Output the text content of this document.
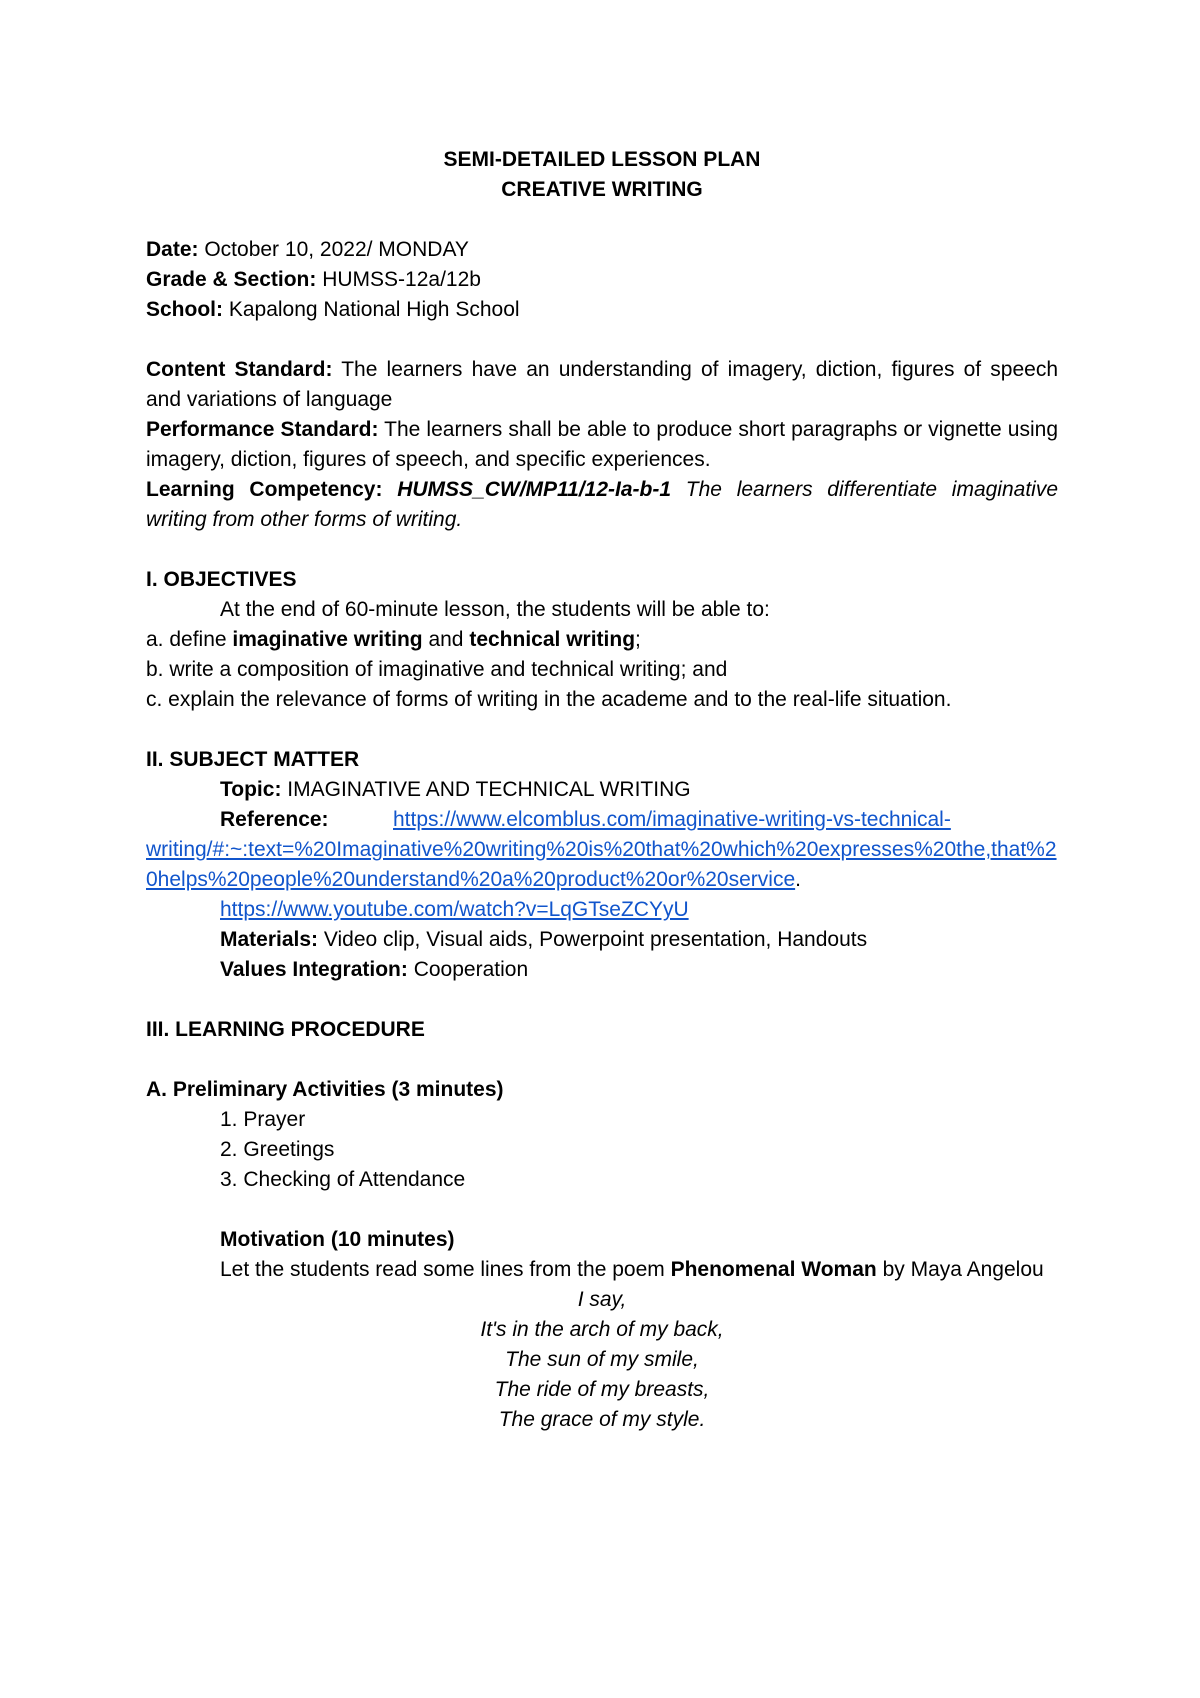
SEMI-DETAILED LESSON PLAN
CREATIVE WRITING
Date: October 10, 2022/ MONDAY
Grade & Section: HUMSS-12a/12b
School: Kapalong National High School
Content Standard: The learners have an understanding of imagery, diction, figures of speech and variations of language
Performance Standard: The learners shall be able to produce short paragraphs or vignette using imagery, diction, figures of speech, and specific experiences.
Learning Competency: HUMSS_CW/MP11/12-Ia-b-1 The learners differentiate imaginative writing from other forms of writing.
I. OBJECTIVES
At the end of 60-minute lesson, the students will be able to:
a. define imaginative writing and technical writing;
b. write a composition of imaginative and technical writing; and
c. explain the relevance of forms of writing in the academe and to the real-life situation.
II. SUBJECT MATTER
Topic: IMAGINATIVE AND TECHNICAL WRITING
Reference:	https://www.elcomblus.com/imaginative-writing-vs-technical-
writing/#:~:text=%20Imaginative%20writing%20is%20that%20which%20expresses%20the,that%20helps%20people%20understand%20a%20product%20or%20service.
https://www.youtube.com/watch?v=LqGTseZCYyU
Materials: Video clip, Visual aids, Powerpoint presentation, Handouts
Values Integration: Cooperation
III. LEARNING PROCEDURE
A. Preliminary Activities (3 minutes)
1. Prayer
2. Greetings
3. Checking of Attendance
Motivation (10 minutes)
Let the students read some lines from the poem Phenomenal Woman by Maya Angelou
I say,
It's in the arch of my back,
The sun of my smile,
The ride of my breasts,
The grace of my style.
